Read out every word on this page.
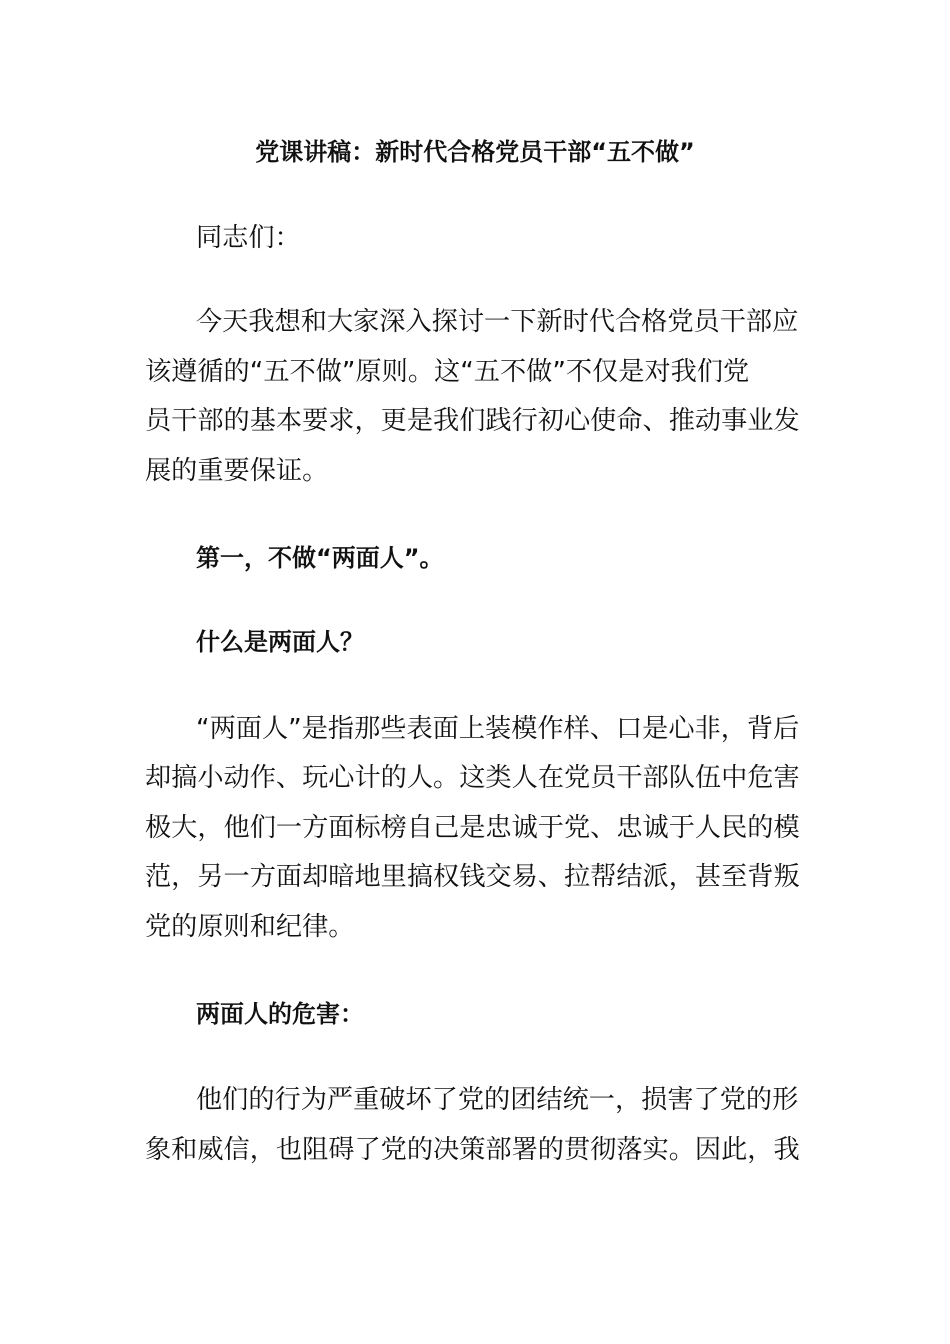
党课讲稿：新时代合格党员干部“五不做”
同志们：
今天我想和大家深入探讨一下新时代合格党员干部应
该遵循的“五不做”原则。这“五不做”不仅是对我们党
员干部的基本要求，更是我们践行初心使命、推动事业发
展的重要保证。
第一，不做“两面人”。
什么是两面人？
“两面人”是指那些表面上装模作样、口是心非，背后
却搞小动作、玩心计的人。这类人在党员干部队伍中危害
极大，他们一方面标榜自己是忠诚于党、忠诚于人民的模
范，另一方面却暗地里搞权钱交易、拉帮结派，甚至背叛
党的原则和纪律。
两面人的危害：
他们的行为严重破坏了党的团结统一，损害了党的形
象和威信，也阻碍了党的决策部署的贯彻落实。因此，我
